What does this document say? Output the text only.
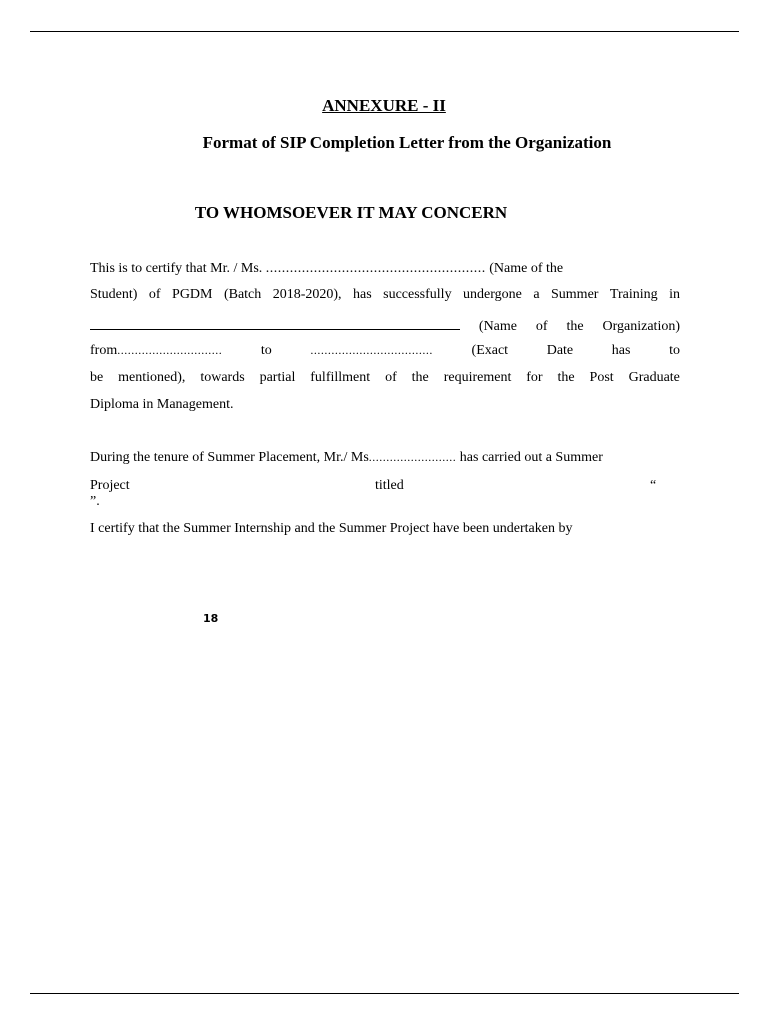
ANNEXURE - II
Format of SIP Completion Letter from the Organization
TO WHOMSOEVER IT MAY CONCERN
This is to certify that Mr. / Ms. ....................................................... (Name of the
Student) of PGDM (Batch 2018-2020), has successfully undergone a Summer Training in
(Name of the Organization)
from..............................	to	...................................	(Exact	Date	has	to
be mentioned), towards partial fulfillment of the requirement for the Post Graduate
Diploma in Management.
During the tenure of Summer Placement, Mr./ Ms......................... has carried out a Summer
Project	titled	“
”.
I certify that the Summer Internship and the Summer Project have been undertaken by
18
